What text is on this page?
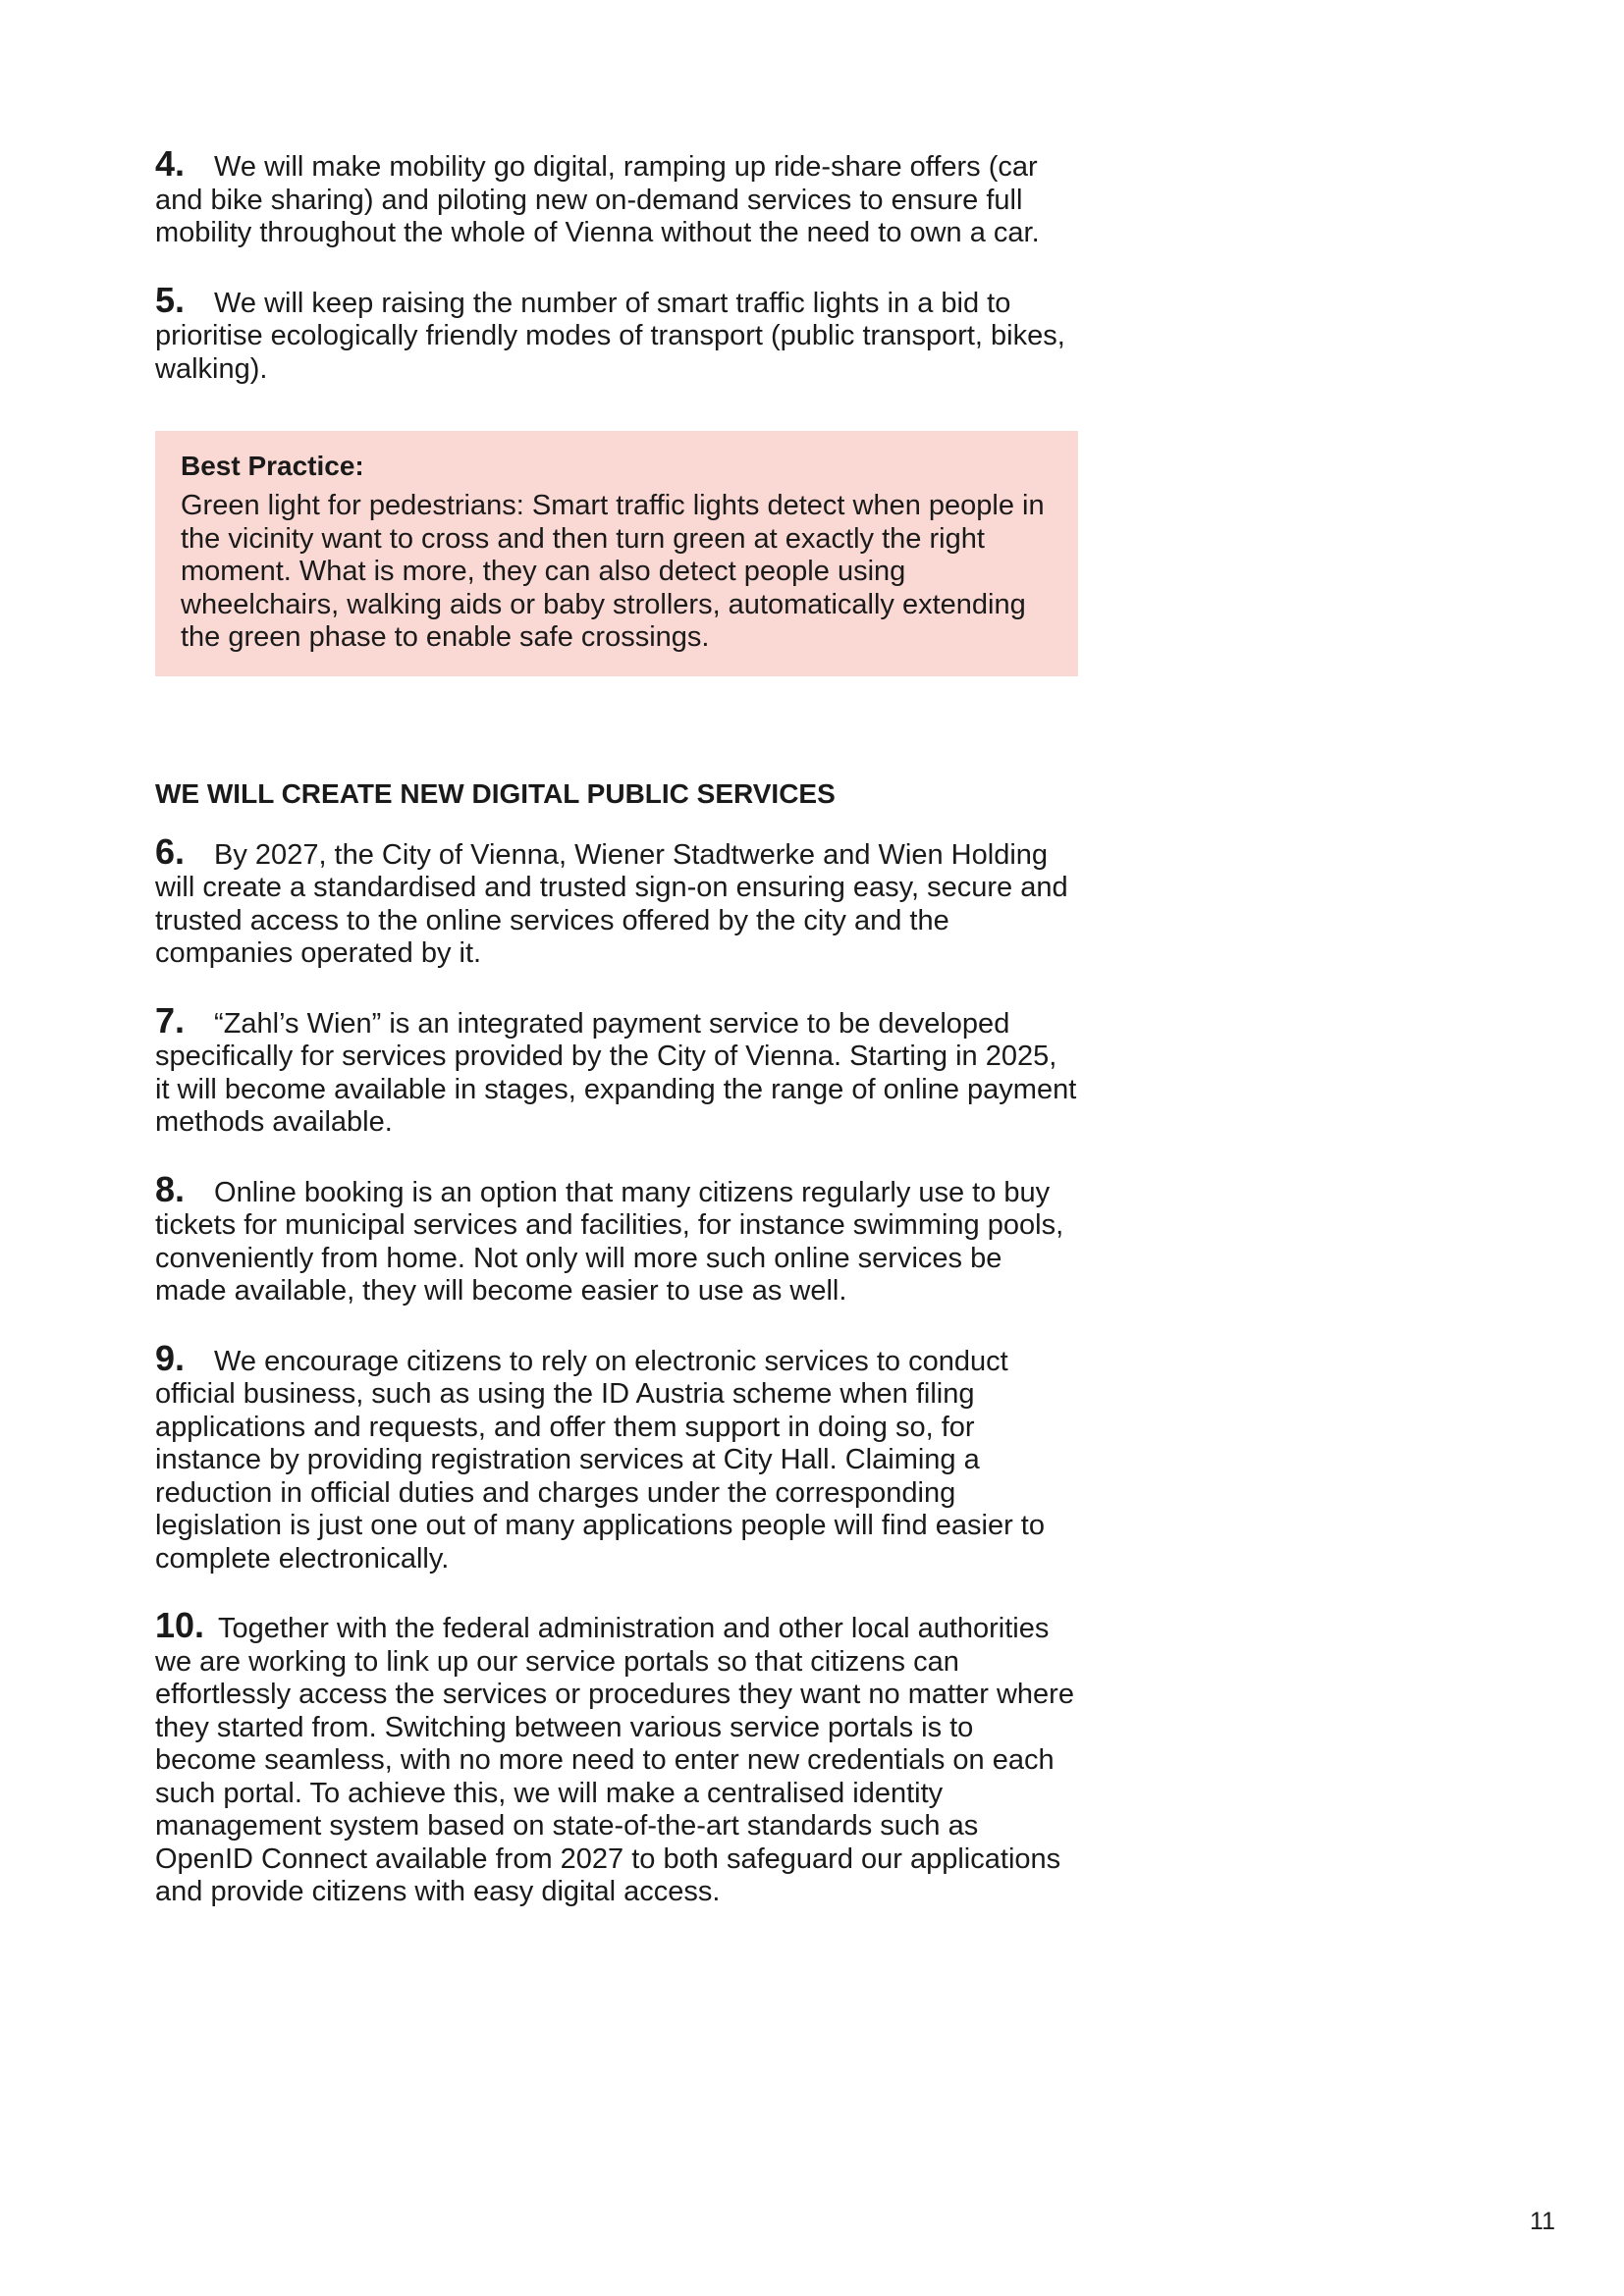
4. We will make mobility go digital, ramping up ride-share offers (car and bike sharing) and piloting new on-demand services to ensure full mobility throughout the whole of Vienna without the need to own a car.

5. We will keep raising the number of smart traffic lights in a bid to prioritise ecologically friendly modes of transport (public transport, bikes, walking).

Best Practice:

Green light for pedestrians: Smart traffic lights detect when people in the vicinity want to cross and then turn green at exactly the right moment. What is more, they can also detect people using wheelchairs, walking aids or baby strollers, automatically extending the green phase to enable safe crossings.

WE WILL CREATE NEW DIGITAL PUBLIC SERVICES

6. By 2027, the City of Vienna, Wiener Stadtwerke and Wien Holding will create a standardised and trusted sign-on ensuring easy, secure and trusted access to the online services offered by the city and the companies operated by it.

7. “Zahl’s Wien” is an integrated payment service to be developed specifically for services provided by the City of Vienna. Starting in 2025, it will become available in stages, expanding the range of online payment methods available.

8. Online booking is an option that many citizens regularly use to buy tickets for municipal services and facilities, for instance swimming pools, conveniently from home. Not only will more such online services be made available, they will become easier to use as well.

9. We encourage citizens to rely on electronic services to conduct official business, such as using the ID Austria scheme when filing applications and requests, and offer them support in doing so, for instance by providing registration services at City Hall. Claiming a reduction in official duties and charges under the corresponding legislation is just one out of many applications people will find easier to complete electronically.

10. Together with the federal administration and other local authorities we are working to link up our service portals so that citizens can effortlessly access the services or procedures they want no matter where they started from. Switching between various service portals is to become seamless, with no more need to enter new credentials on each such portal. To achieve this, we will make a centralised identity management system based on state-of-the-art standards such as OpenID Connect available from 2027 to both safeguard our applications and provide citizens with easy digital access.

11
